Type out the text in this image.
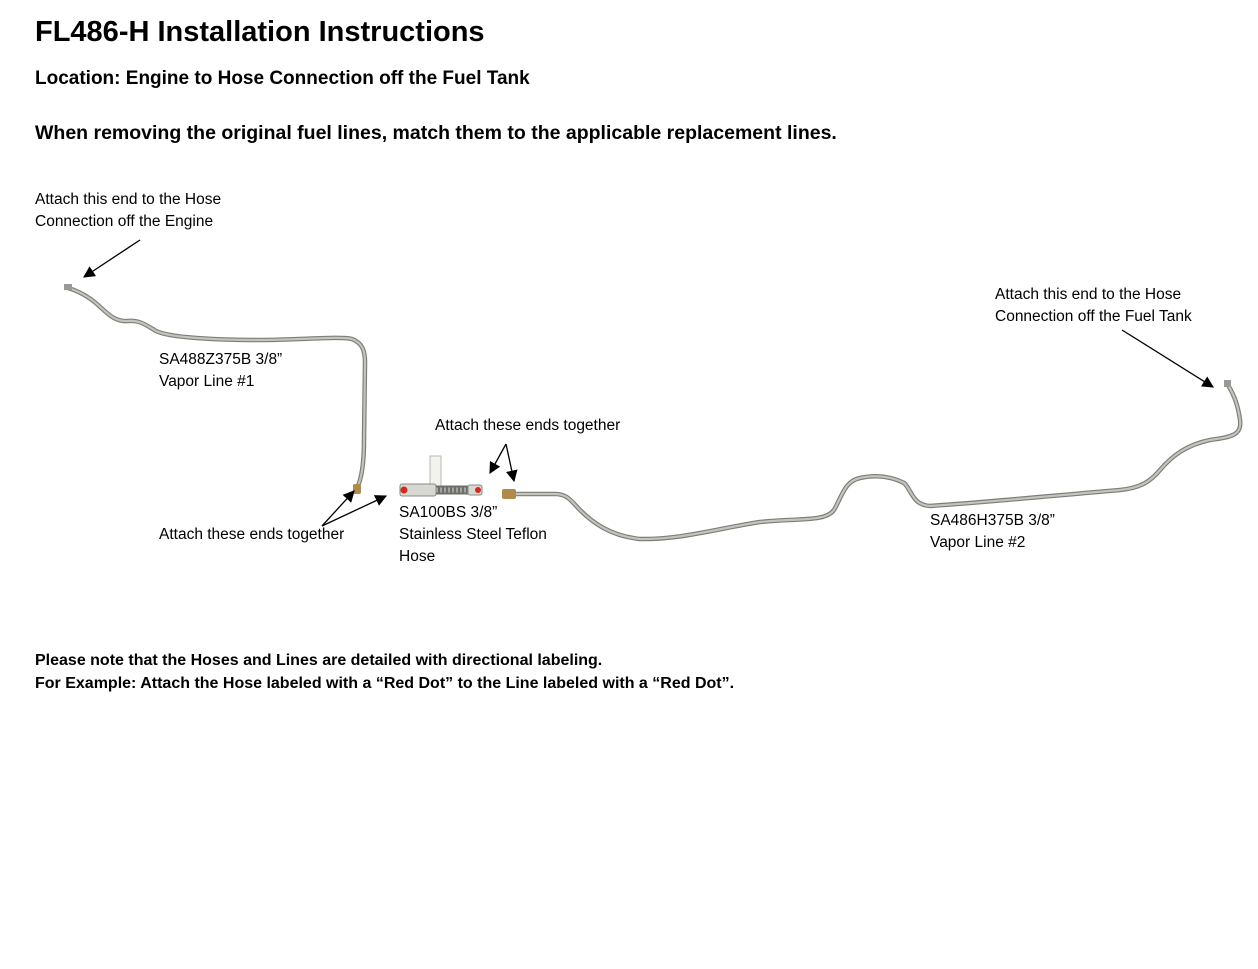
FL486-H Installation Instructions
Location: Engine to Hose Connection off the Fuel Tank
When removing the original fuel lines, match them to the applicable replacement lines.
Attach this end to the Hose
Connection off the Engine
Attach this end to the Hose
Connection off the Fuel Tank
SA488Z375B 3/8”
Vapor Line #1
Attach these ends together
Attach these ends together
SA100BS 3/8”
Stainless Steel Teflon
Hose
SA486H375B 3/8”
Vapor Line #2
Please note that the Hoses and Lines are detailed with directional labeling.
For Example: Attach the Hose labeled with a “Red Dot” to the Line labeled with a “Red Dot”.
